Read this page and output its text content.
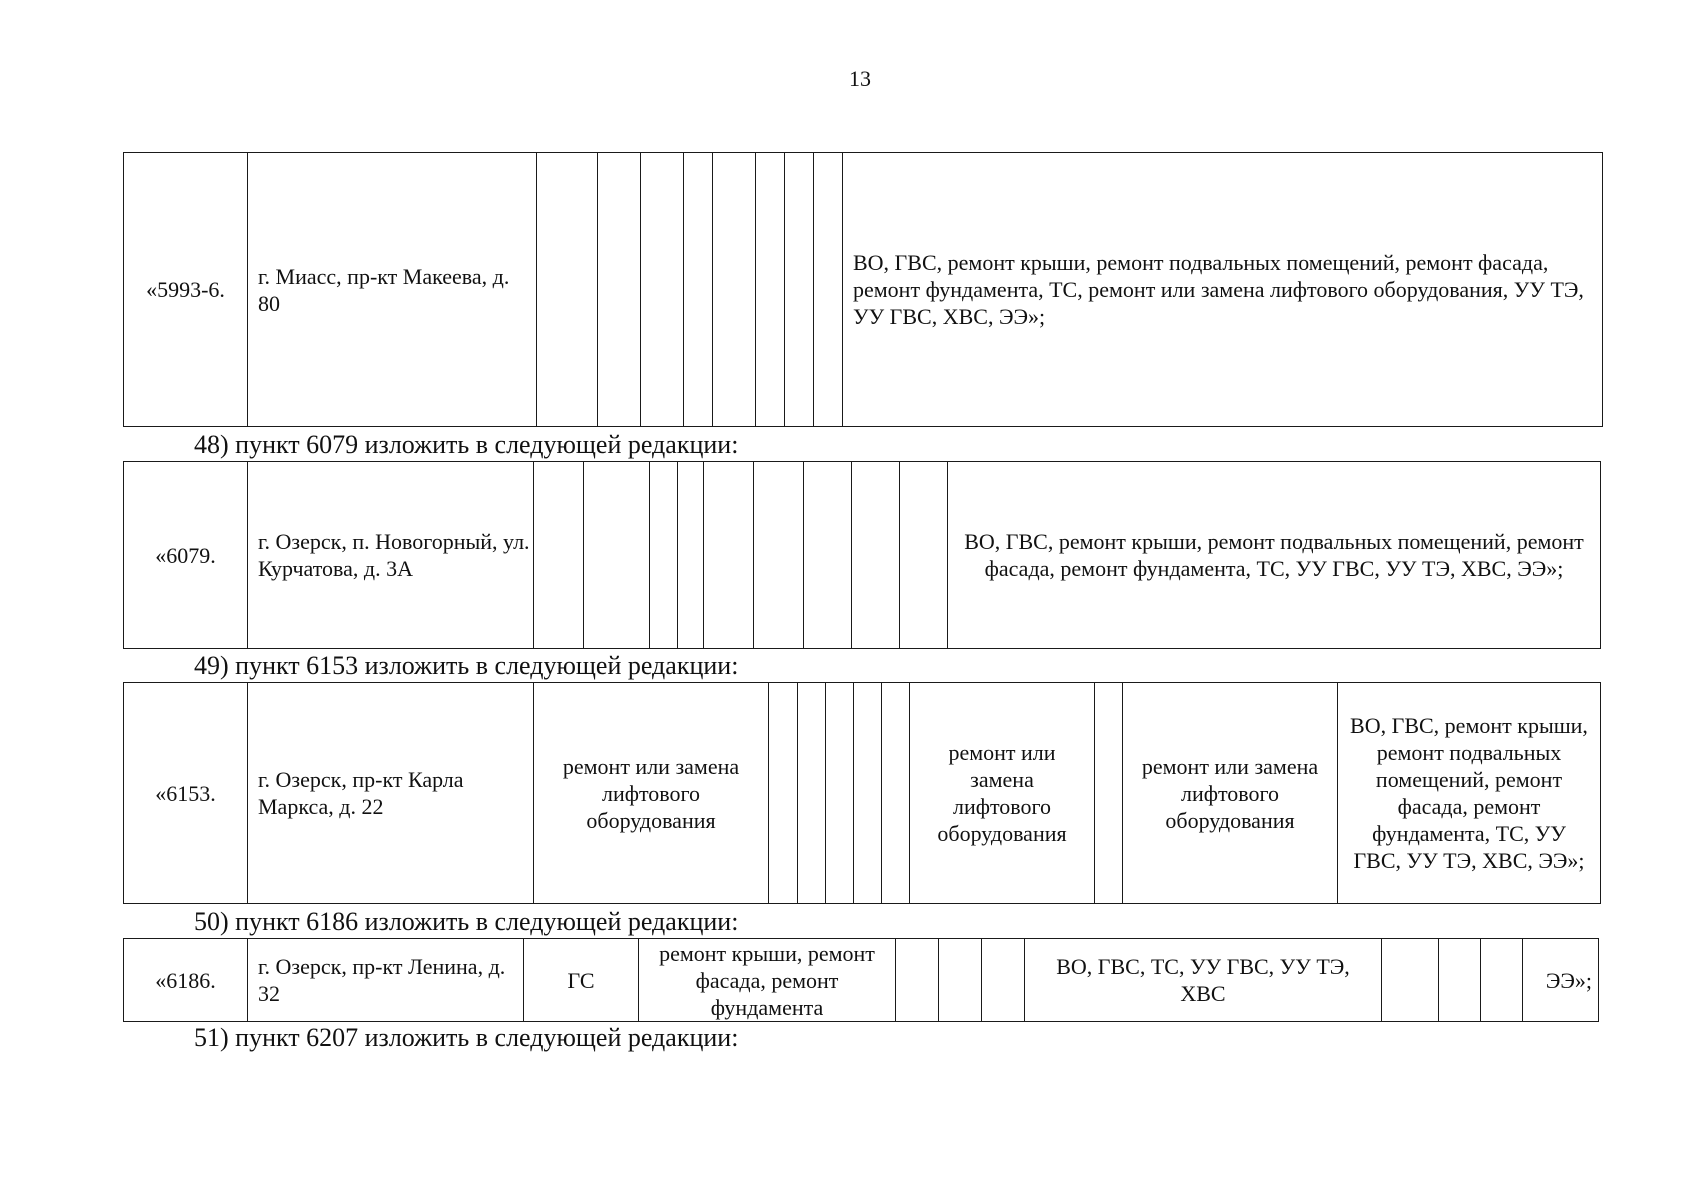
13
«5993-6.	г. Миасс, пр-кт Макеева, д. 80									ВО, ГВС, ремонт крыши, ремонт подвальных помещений, ремонт фасада, ремонт фундамента, ТС, ремонт или замена лифтового оборудования, УУ ТЭ, УУ ГВС, ХВС, ЭЭ»;
48) пункт 6079 изложить в следующей редакции:
«6079.	г. Озерск, п. Новогорный, ул. Курчатова, д. 3А										ВО, ГВС, ремонт крыши, ремонт подвальных помещений, ремонт фасада, ремонт фундамента, ТС, УУ ГВС, УУ ТЭ, ХВС, ЭЭ»;
49) пункт 6153 изложить в следующей редакции:
«6153.	г. Озерск, пр-кт Карла Маркса, д. 22	ремонт или замена лифтового оборудования						ремонт или замена лифтового оборудования		ремонт или замена лифтового оборудования	ВО, ГВС, ремонт крыши, ремонт подвальных помещений, ремонт фасада, ремонт фундамента, ТС, УУ ГВС, УУ ТЭ, ХВС, ЭЭ»;
50) пункт 6186 изложить в следующей редакции:
«6186.	г. Озерск, пр-кт Ленина, д. 32	ГС	ремонт крыши, ремонт фасада, ремонт фундамента				ВО, ГВС, ТС, УУ ГВС, УУ ТЭ, ХВС				ЭЭ»;
51) пункт 6207 изложить в следующей редакции:
